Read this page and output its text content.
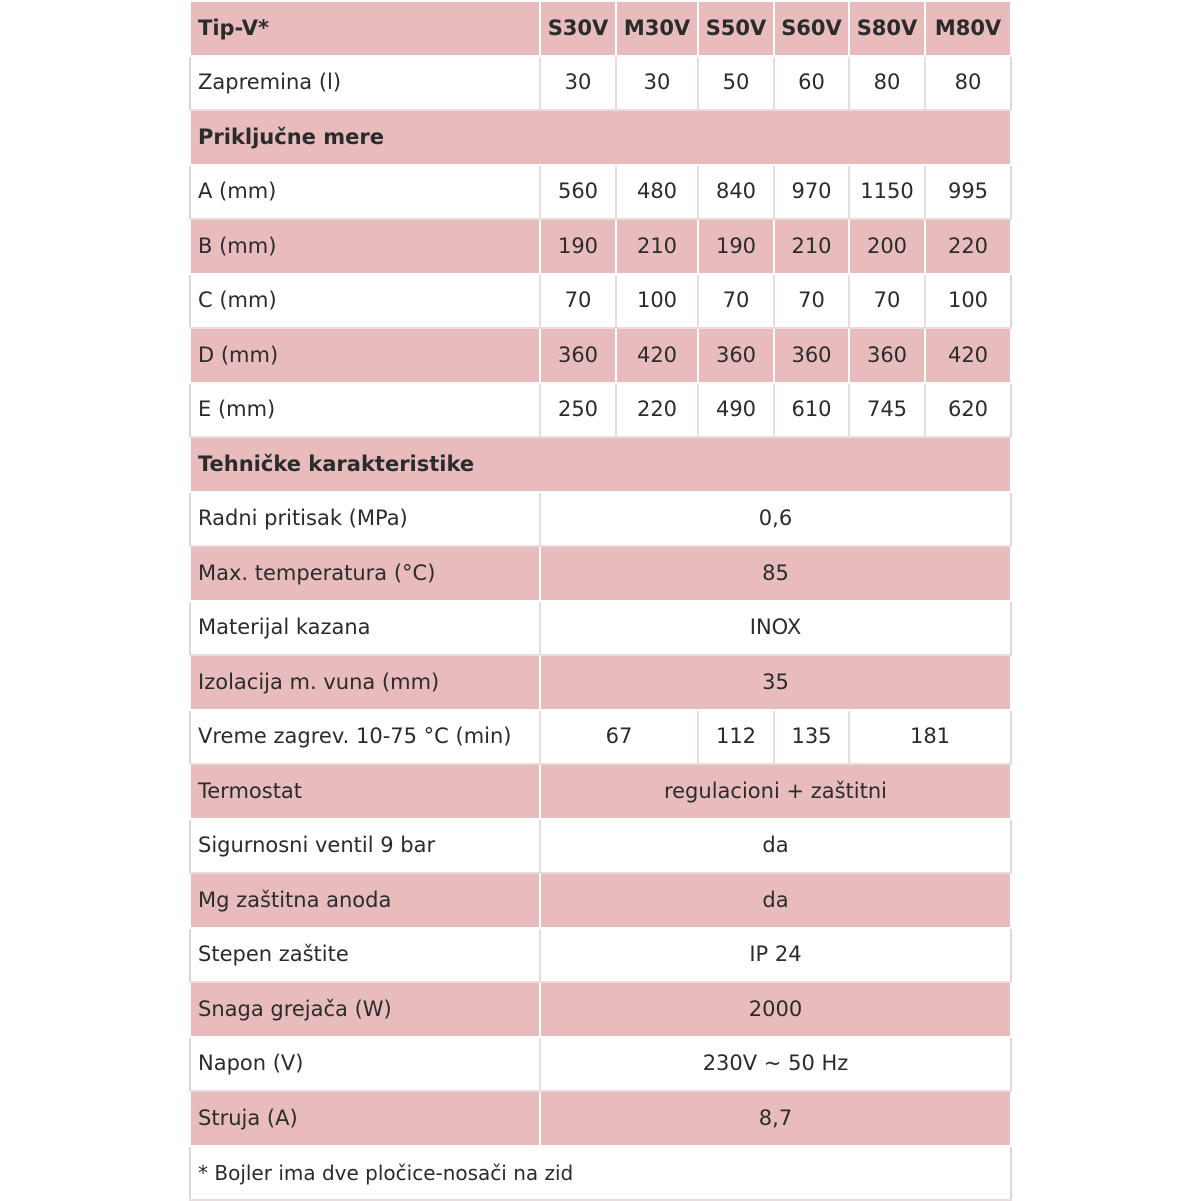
Tip-V*	S30V	M30V	S50V	S60V	S80V	M80V
Zapremina (l)	30	30	50	60	80	80
Priključne mere						
A (mm)	560	480	840	970	1150	995
B (mm)	190	210	190	210	200	220
C (mm)	70	100	70	70	70	100
D (mm)	360	420	360	360	360	420
E (mm)	250	220	490	610	745	620
Tehničke karakteristike						
Radni pritisak (MPa)	0,6					
Max. temperatura (°C)	85					
Materijal kazana	INOX					
Izolacija m. vuna (mm)	35					
Vreme zagrev. 10-75 °C (min)	67		112	135	181	
Termostat	regulacioni + zaštitni					
Sigurnosni ventil 9 bar	da					
Mg zaštitna anoda	da					
Stepen zaštite	IP 24					
Snaga grejača (W)	2000					
Napon (V)	230V ~ 50 Hz					
Struja (A)	8,7					
* Bojler ima dve pločice-nosači na zid						
